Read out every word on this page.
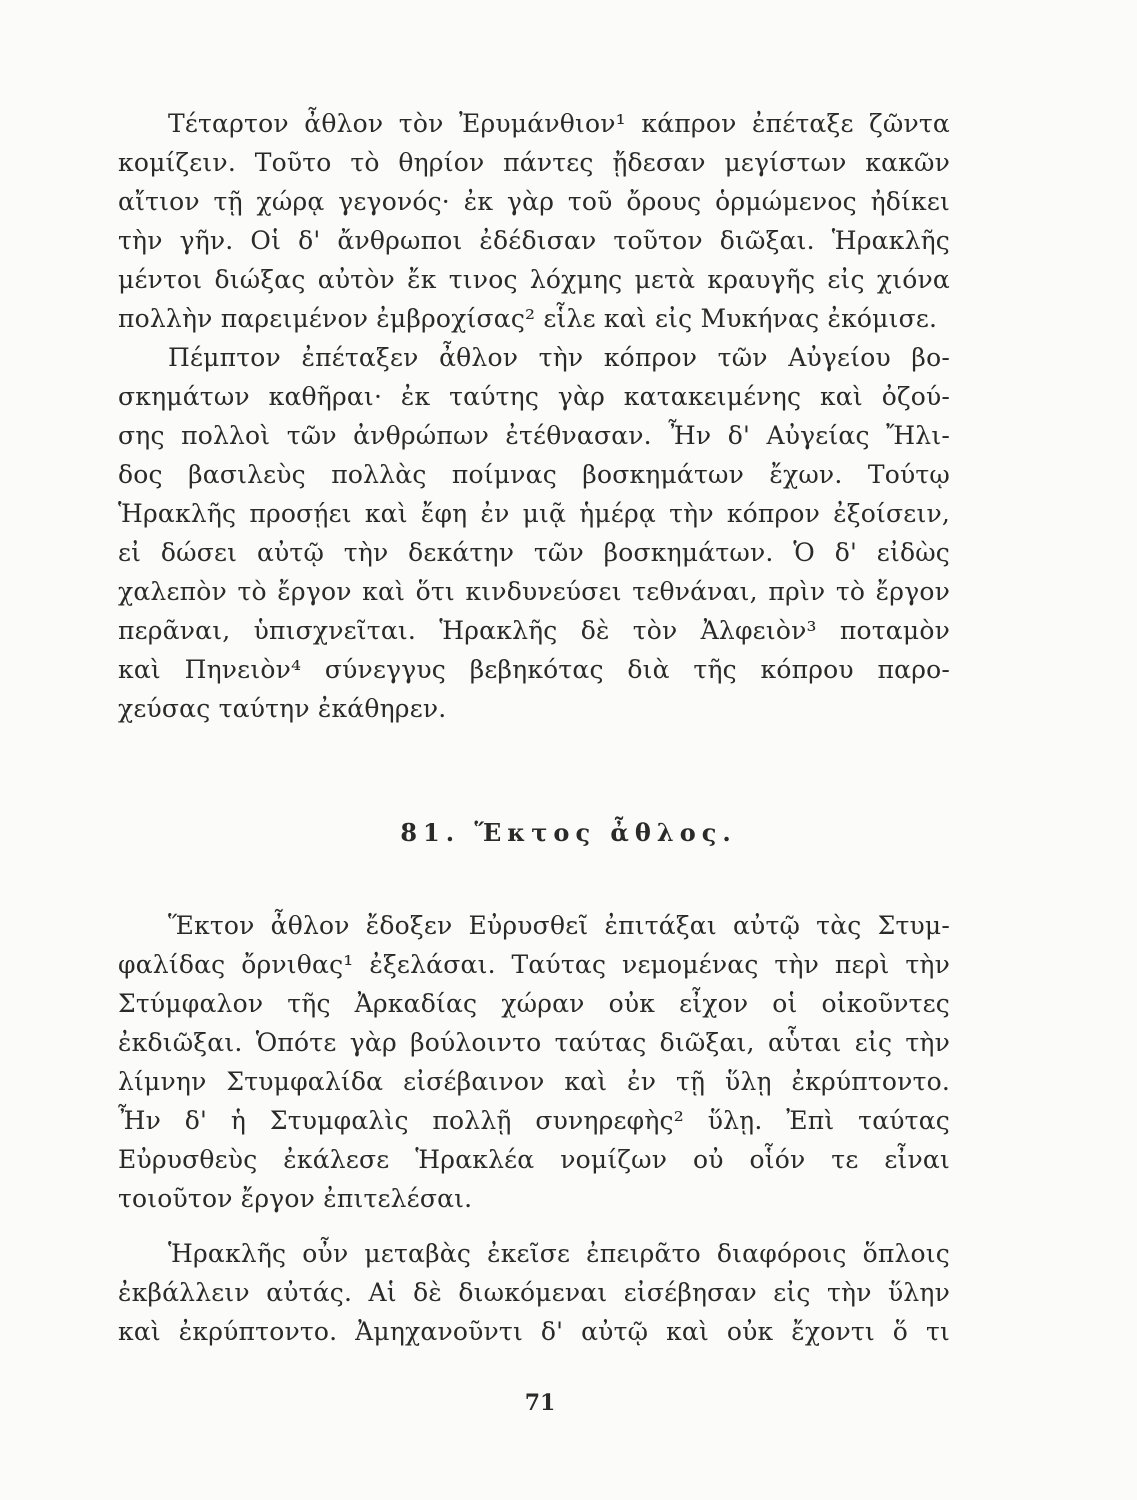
Τέταρτον ἆθλον τὸν Ἐρυμάνθιον¹ κάπρον ἐπέταξε ζῶντα
κομίζειν. Τοῦτο τὸ θηρίον πάντες ᾔδεσαν μεγίστων κακῶν
αἴτιον τῇ χώρᾳ γεγονός· ἐκ γὰρ τοῦ ὄρους ὁρμώμενος ἠδίκει
τὴν γῆν. Οἱ δ' ἄνθρωποι ἐδέδισαν τοῦτον διῶξαι. Ἡρακλῆς
μέντοι διώξας αὐτὸν ἔκ τινος λόχμης μετὰ κραυγῆς εἰς χιόνα
πολλὴν παρειμένον ἐμβροχίσας² εἷλε καὶ εἰς Μυκήνας ἐκόμισε.
Πέμπτον ἐπέταξεν ἆθλον τὴν κόπρον τῶν Αὐγείου βο-
σκημάτων καθῆραι· ἐκ ταύτης γὰρ κατακειμένης καὶ ὀζού-
σης πολλοὶ τῶν ἀνθρώπων ἐτέθνασαν. Ἦν δ' Αὐγείας Ἤλι-
δος βασιλεὺς πολλὰς ποίμνας βοσκημάτων ἔχων. Τούτῳ
Ἡρακλῆς προσῄει καὶ ἔφη ἐν μιᾷ ἡμέρᾳ τὴν κόπρον ἐξοίσειν,
εἰ δώσει αὐτῷ τὴν δεκάτην τῶν βοσκημάτων. Ὁ δ' εἰδὼς
χαλεπὸν τὸ ἔργον καὶ ὅτι κινδυνεύσει τεθνάναι, πρὶν τὸ ἔργον
περᾶναι, ὑπισχνεῖται. Ἡρακλῆς δὲ τὸν Ἀλφειὸν³ ποταμὸν
καὶ Πηνειὸν⁴ σύνεγγυς βεβηκότας διὰ τῆς κόπρου παρο-
χεύσας ταύτην ἐκάθηρεν.
81. Ἕκτος ἆθλος.
Ἕκτον ἆθλον ἔδοξεν Εὐρυσθεῖ ἐπιτάξαι αὐτῷ τὰς Στυμ-
φαλίδας ὄρνιθας¹ ἐξελάσαι. Ταύτας νεμομένας τὴν περὶ τὴν
Στύμφαλον τῆς Ἀρκαδίας χώραν οὐκ εἶχον οἱ οἰκοῦντες
ἐκδιῶξαι. Ὁπότε γὰρ βούλοιντο ταύτας διῶξαι, αὗται εἰς τὴν
λίμνην Στυμφαλίδα εἰσέβαινον καὶ ἐν τῇ ὕλῃ ἐκρύπτοντο.
Ἦν δ' ἡ Στυμφαλὶς πολλῇ συνηρεφὴς² ὕλῃ. Ἐπὶ ταύτας
Εὐρυσθεὺς ἐκάλεσε Ἡρακλέα νομίζων οὐ οἷόν τε εἶναι
τοιοῦτον ἔργον ἐπιτελέσαι.
Ἡρακλῆς οὖν μεταβὰς ἐκεῖσε ἐπειρᾶτο διαφόροις ὅπλοις
ἐκβάλλειν αὐτάς. Αἱ δὲ διωκόμεναι εἰσέβησαν εἰς τὴν ὕλην
καὶ ἐκρύπτοντο. Ἀμηχανοῦντι δ' αὐτῷ καὶ οὐκ ἔχοντι ὅ τι
71
